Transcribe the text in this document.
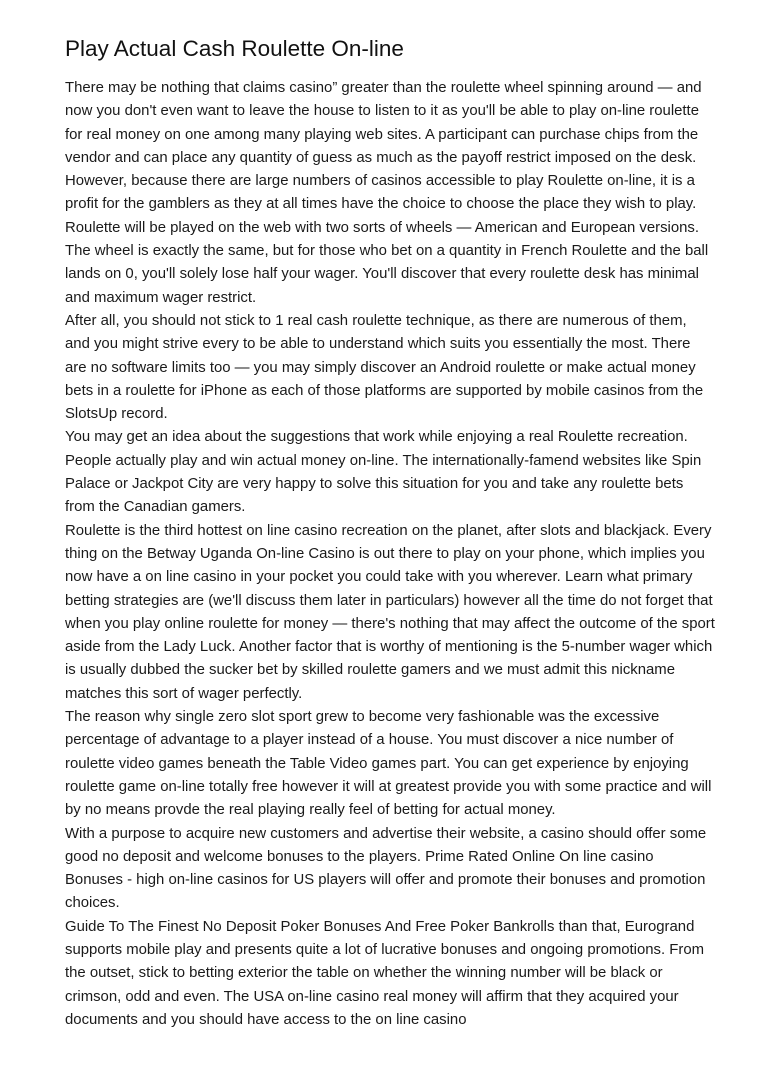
Play Actual Cash Roulette On-line

There may be nothing that claims casino” greater than the roulette wheel spinning around — and now you don't even want to leave the house to listen to it as you'll be able to play on-line roulette for real money on one among many playing web sites. A participant can purchase chips from the vendor and can place any quantity of guess as much as the payoff restrict imposed on the desk. However, because there are large numbers of casinos accessible to play Roulette on-line, it is a profit for the gamblers as they at all times have the choice to choose the place they wish to play.

Roulette will be played on the web with two sorts of wheels — American and European versions. The wheel is exactly the same, but for those who bet on a quantity in French Roulette and the ball lands on 0, you'll solely lose half your wager. You'll discover that every roulette desk has minimal and maximum wager restrict.

After all, you should not stick to 1 real cash roulette technique, as there are numerous of them, and you might strive every to be able to understand which suits you essentially the most. There are no software limits too — you may simply discover an Android roulette or make actual money bets in a roulette for iPhone as each of those platforms are supported by mobile casinos from the SlotsUp record.

You may get an idea about the suggestions that work while enjoying a real Roulette recreation. People actually play and win actual money on-line. The internationally-famend websites like Spin Palace or Jackpot City are very happy to solve this situation for you and take any roulette bets from the Canadian gamers.

Roulette is the third hottest on line casino recreation on the planet, after slots and blackjack. Every thing on the Betway Uganda On-line Casino is out there to play on your phone, which implies you now have a on line casino in your pocket you could take with you wherever. Learn what primary betting strategies are (we'll discuss them later in particulars) however all the time do not forget that when you play online roulette for money — there's nothing that may affect the outcome of the sport aside from the Lady Luck. Another factor that is worthy of mentioning is the 5-number wager which is usually dubbed the sucker bet by skilled roulette gamers and we must admit this nickname matches this sort of wager perfectly.

The reason why single zero slot sport grew to become very fashionable was the excessive percentage of advantage to a player instead of a house. You must discover a nice number of roulette video games beneath the Table Video games part. You can get experience by enjoying roulette game on-line totally free however it will at greatest provide you with some practice and will by no means provde the real playing really feel of betting for actual money.

With a purpose to acquire new customers and advertise their website, a casino should offer some good no deposit and welcome bonuses to the players. Prime Rated Online On line casino Bonuses - high on-line casinos for US players will offer and promote their bonuses and promotion choices.

Guide To The Finest No Deposit Poker Bonuses And Free Poker Bankrolls than that, Eurogrand supports mobile play and presents quite a lot of lucrative bonuses and ongoing promotions. From the outset, stick to betting exterior the table on whether the winning number will be black or crimson, odd and even. The USA on-line casino real money will affirm that they acquired your documents and you should have access to the on line casino
